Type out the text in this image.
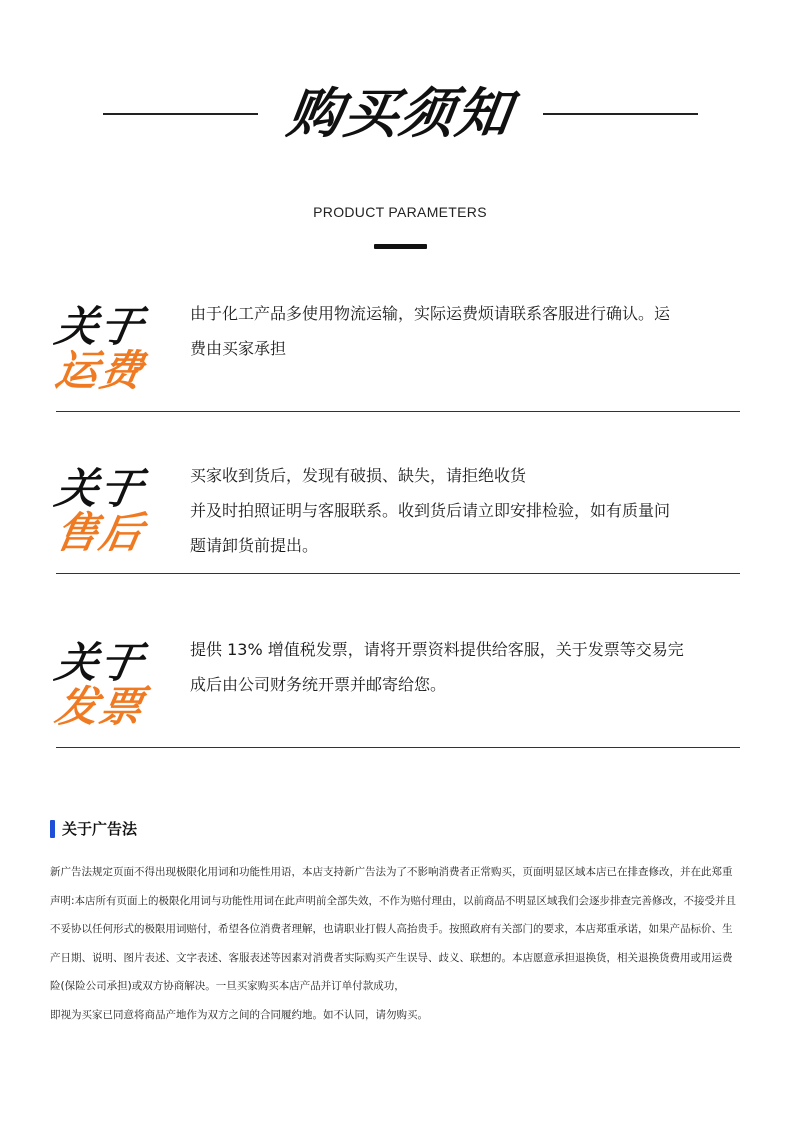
购买须知
PRODUCT PARAMETERS
关于
运费

由于化工产品多使用物流运输，实际运费烦请联系客服进行确认。运

费由买家承担

关于
售后

买家收到货后，发现有破损、缺失，请拒绝收货

并及时拍照证明与客服联系。收到货后请立即安排检验，如有质量问

题请卸货前提出。

关于
发票

提供 13% 增值税发票，请将开票资料提供给客服，关于发票等交易完

成后由公司财务统开票并邮寄给您。

关于广告法

新广告法规定页面不得出现极限化用词和功能性用语，本店支持新广告法为了不影响消费者正常购买，页面明显区域本店已在排查修改，并在此郑重

声明:本店所有页面上的极限化用词与功能性用词在此声明前全部失效，不作为赔付理由，以前商品不明显区域我们会逐步排查完善修改，不接受并且

不妥协以任何形式的极限用词赔付，希望各位消费者理解，也请职业打假人高抬贵手。按照政府有关部门的要求，本店郑重承诺，如果产品标价、生

产日期、说明、图片表述、文字表述、客服表述等因素对消费者实际购买产生误导、歧义、联想的。本店愿意承担退换货，相关退换货费用或用运费

险(保险公司承担)或双方协商解决。一旦买家购买本店产品并订单付款成功，

即视为买家已同意将商品产地作为双方之间的合同履约地。如不认同，请勿购买。
